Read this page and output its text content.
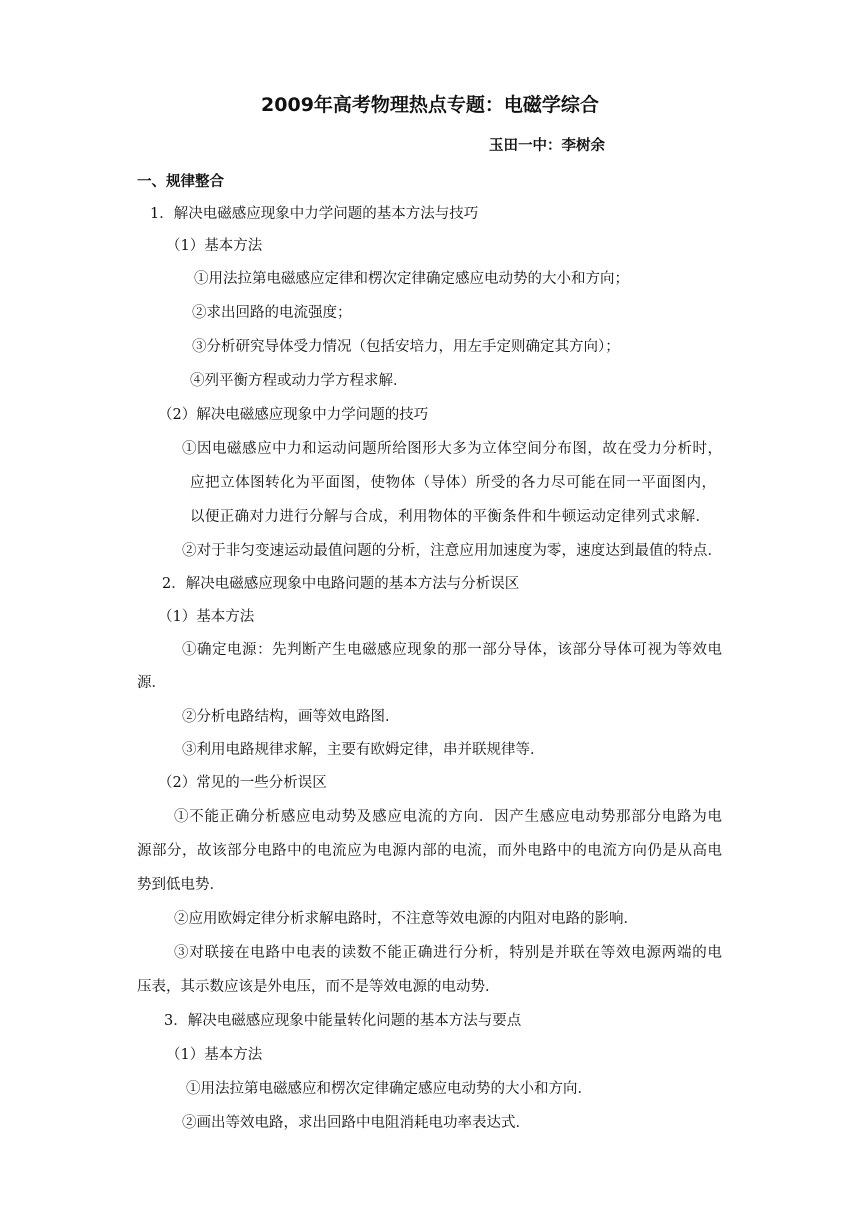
2009年高考物理热点专题：电磁学综合
玉田一中：李树余
一、规律整合
1．解决电磁感应现象中力学问题的基本方法与技巧
（1）基本方法
①用法拉第电磁感应定律和楞次定律确定感应电动势的大小和方向；
②求出回路的电流强度；
③分析研究导体受力情况（包括安培力，用左手定则确定其方向）；
④列平衡方程或动力学方程求解．
（2）解决电磁感应现象中力学问题的技巧
①因电磁感应中力和运动问题所给图形大多为立体空间分布图，故在受力分析时，
应把立体图转化为平面图，使物体（导体）所受的各力尽可能在同一平面图内，
以便正确对力进行分解与合成，利用物体的平衡条件和牛顿运动定律列式求解．
②对于非匀变速运动最值问题的分析，注意应用加速度为零，速度达到最值的特点．
2．解决电磁感应现象中电路问题的基本方法与分析误区
（1）基本方法
①确定电源：先判断产生电磁感应现象的那一部分导体，该部分导体可视为等效电
源．
②分析电路结构，画等效电路图．
③利用电路规律求解，主要有欧姆定律，串并联规律等．
（2）常见的一些分析误区
①不能正确分析感应电动势及感应电流的方向．因产生感应电动势那部分电路为电
源部分，故该部分电路中的电流应为电源内部的电流，而外电路中的电流方向仍是从高电
势到低电势．
②应用欧姆定律分析求解电路时，不注意等效电源的内阻对电路的影响．
③对联接在电路中电表的读数不能正确进行分析，特别是并联在等效电源两端的电
压表，其示数应该是外电压，而不是等效电源的电动势．
3．解决电磁感应现象中能量转化问题的基本方法与要点
（1）基本方法
①用法拉第电磁感应和楞次定律确定感应电动势的大小和方向．
②画出等效电路，求出回路中电阻消耗电功率表达式．
